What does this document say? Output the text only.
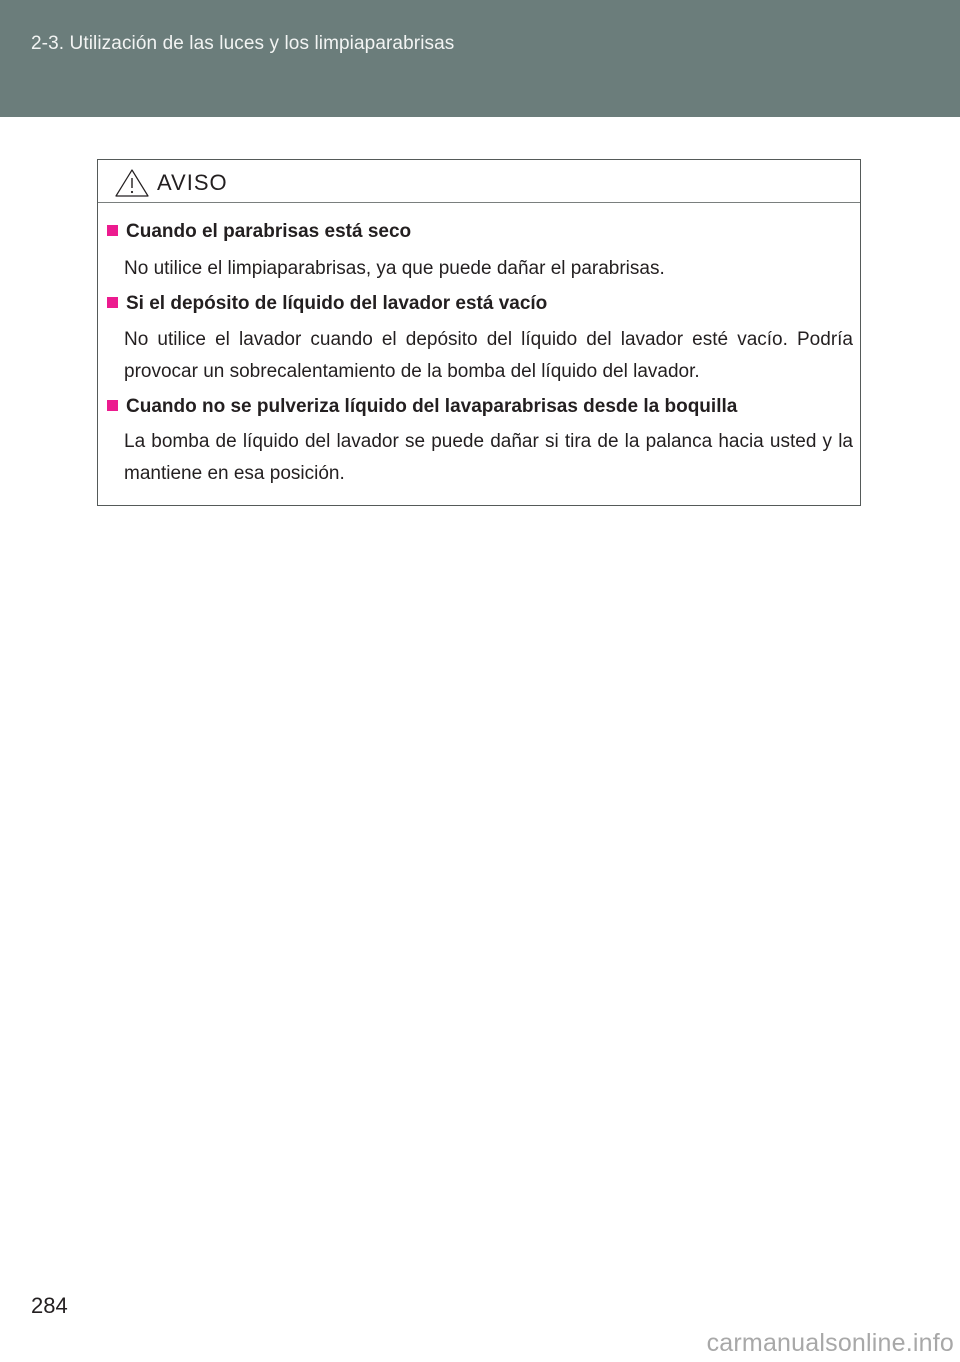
2-3. Utilización de las luces y los limpiaparabrisas
AVISO
Cuando el parabrisas está seco
No utilice el limpiaparabrisas, ya que puede dañar el parabrisas.
Si el depósito de líquido del lavador está vacío
No utilice el lavador cuando el depósito del líquido del lavador esté vacío. Podría provocar un sobrecalentamiento de la bomba del líquido del lavador.
Cuando no se pulveriza líquido del lavaparabrisas desde la boquilla
La bomba de líquido del lavador se puede dañar si tira de la palanca hacia usted y la mantiene en esa posición.
284
carmanualsonline.info
